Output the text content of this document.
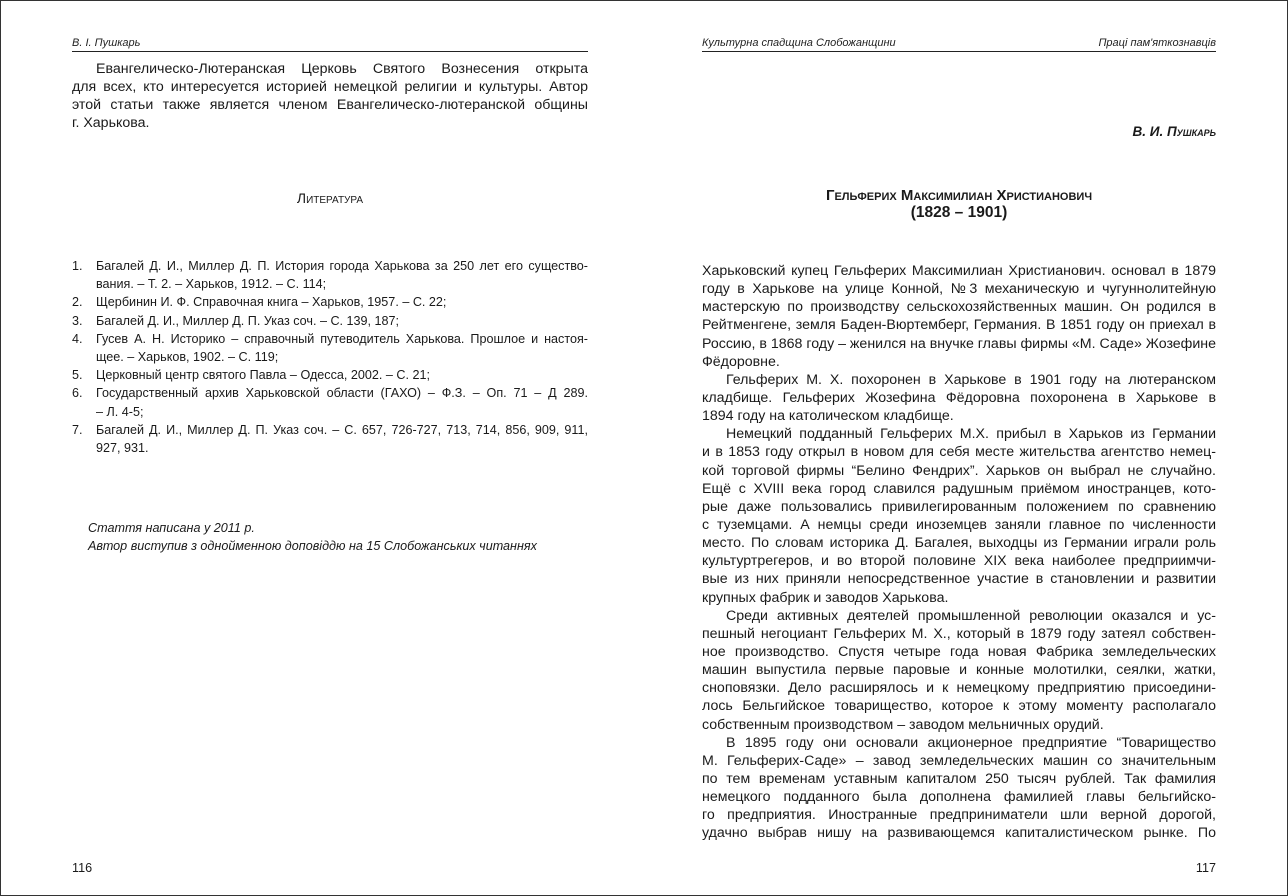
В. І. Пушкарь
Евангелическо-Лютеранская Церковь Святого Вознесения открыта
для всех, кто интересуется историей немецкой религии и культуры. Автор
этой статьи также является членом Евангелическо-лютеранской общины
г. Харькова.
Литература
1.	Багалей Д. И., Миллер Д. П. История города Харькова за 250 лет его существо-
вания. – Т. 2. – Харьков, 1912. – С. 114;
2.	Щербинин И. Ф. Справочная книга – Харьков, 1957. – С. 22;
3.	Багалей Д. И., Миллер Д. П. Указ соч. – С. 139, 187;
4.	Гусев А. Н. Историко – справочный путеводитель Харькова. Прошлое и настоя-
щее. – Харьков, 1902. – С. 119;
5.	Церковный центр святого Павла – Одесса, 2002. – С. 21;
6.	Государственный архив Харьковской области (ГАХО) – Ф.З. – Оп. 71 – Д 289.
– Л. 4-5;
7.	Багалей Д. И., Миллер Д. П. Указ соч. – С. 657, 726-727, 713, 714, 856, 909, 911,
927, 931.
Стаття написана у 2011 р.
Автор виступив з однойменною доповіддю на 15 Слобожанських читаннях
116
Культурна спадщина Слобожанщини	Праці пам'яткознавців
В. И. Пушкарь
Гельферих Максимилиан Христианович
(1828 – 1901)
Харьковский купец Гельферих Максимилиан Христианович. основал в 1879
году в Харькове на улице Конной, №3 механическую и чугуннолитейную
мастерскую по производству сельскохозяйственных машин. Он родился в
Рейтменгене, земля Баден-Вюртемберг, Германия. В 1851 году он приехал в
Россию, в 1868 году – женился на внучке главы фирмы «М. Саде» Жозефине
Фёдоровне.
Гельферих М. Х. похоронен в Харькове в 1901 году на лютеранском
кладбище. Гельферих Жозефина Фёдоровна похоронена в Харькове в
1894 году на католическом кладбище.
Немецкий подданный Гельферих М.Х. прибыл в Харьков из Германии
и в 1853 году открыл в новом для себя месте жительства агентство немец-
кой торговой фирмы “Белино Фендрих”. Харьков он выбрал не случайно.
Ещё с XVIII века город славился радушным приёмом иностранцев, кото-
рые даже пользовались привилегированным положением по сравнению
с туземцами. А немцы среди иноземцев заняли главное по численности
место. По словам историка Д. Багалея, выходцы из Германии играли роль
культуртрегеров, и во второй половине XIX века наиболее предприимчи-
вые из них приняли непосредственное участие в становлении и развитии
крупных фабрик и заводов Харькова.
Среди активных деятелей промышленной революции оказался и ус-
пешный негоциант Гельферих М. Х., который в 1879 году затеял собствен-
ное производство. Спустя четыре года новая Фабрика земледельческих
машин выпустила первые паровые и конные молотилки, сеялки, жатки,
сноповязки. Дело расширялось и к немецкому предприятию присоедини-
лось Бельгийское товарищество, которое к этому моменту располагало
собственным производством – заводом мельничных орудий.
В 1895 году они основали акционерное предприятие “Товарищество
М. Гельферих-Саде» – завод земледельческих машин со значительным
по тем временам уставным капиталом 250 тысяч рублей. Так фамилия
немецкого подданного была дополнена фамилией главы бельгийско-
го предприятия. Иностранные предприниматели шли верной дорогой,
удачно выбрав нишу на развивающемся капиталистическом рынке. По
117
